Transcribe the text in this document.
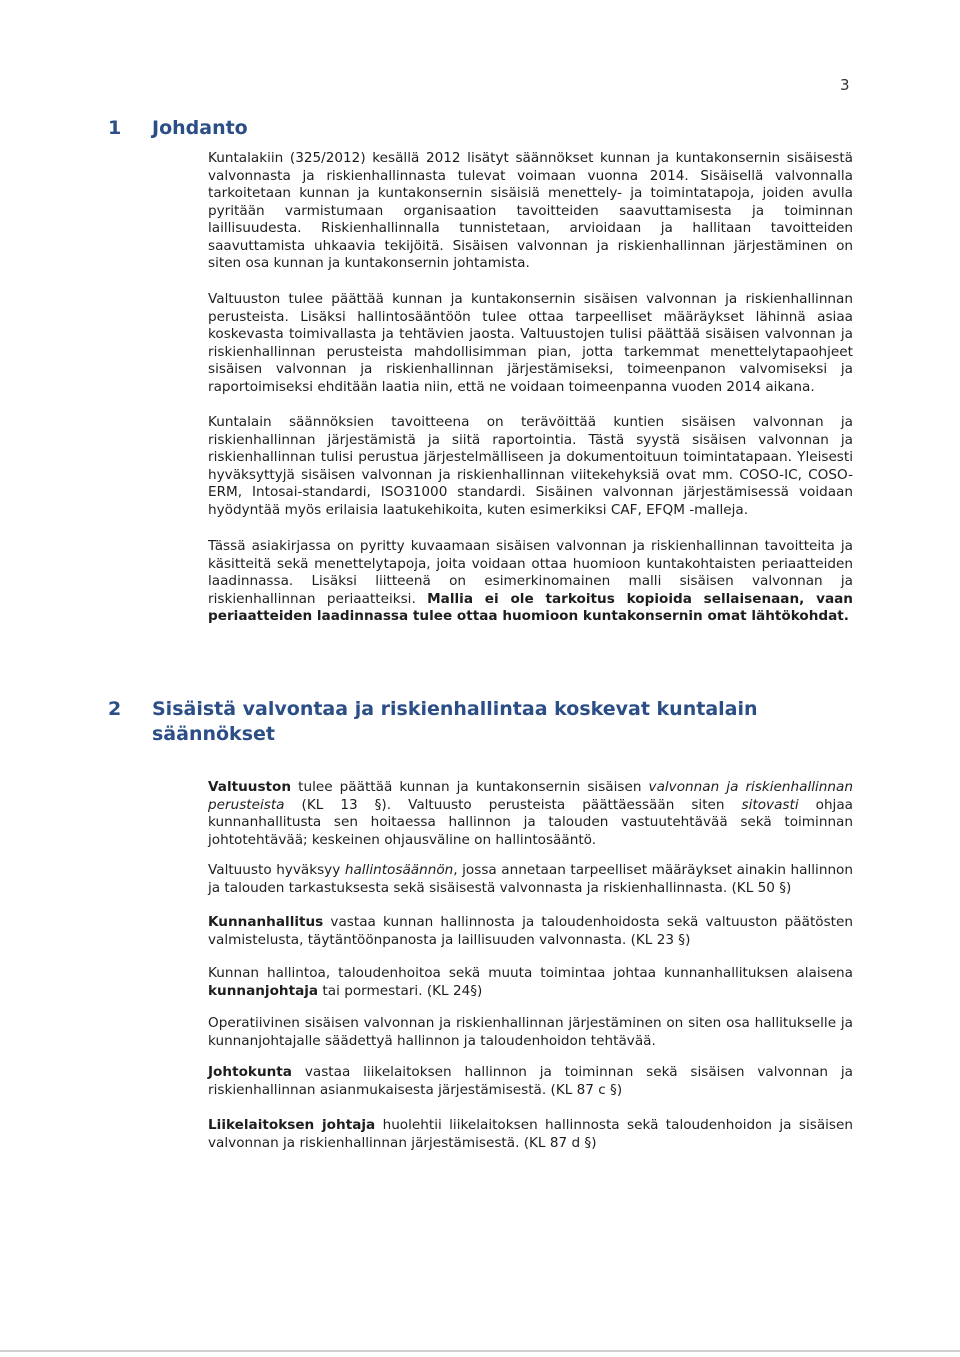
3
1 Johdanto

Kuntalakiin (325/2012) kesällä 2012 lisätyt säännökset kunnan ja kuntakonsernin sisäisestä valvonnasta ja riskienhallinnasta tulevat voimaan vuonna 2014. Sisäisellä valvonnalla tarkoitetaan kunnan ja kuntakonsernin sisäisiä menettely- ja toimintatapoja, joiden avulla pyritään varmistumaan organisaation tavoitteiden saavuttamisesta ja toiminnan laillisuudesta. Riskienhallinnalla tunnistetaan, arvioidaan ja hallitaan tavoitteiden saavuttamista uhkaavia tekijöitä. Sisäisen valvonnan ja riskienhallinnan järjestäminen on siten osa kunnan ja kuntakonsernin johtamista.

Valtuuston tulee päättää kunnan ja kuntakonsernin sisäisen valvonnan ja riskienhallinnan perusteista. Lisäksi hallintosääntöön tulee ottaa tarpeelliset määräykset lähinnä asiaa koskevasta toimivallasta ja tehtävien jaosta. Valtuustojen tulisi päättää sisäisen valvonnan ja riskienhallinnan perusteista mahdollisimman pian, jotta tarkemmat menettelytapaohjeet sisäisen valvonnan ja riskienhallinnan järjestämiseksi, toimeenpanon valvomiseksi ja raportoimiseksi ehditään laatia niin, että ne voidaan toimeenpanna vuoden 2014 aikana.

Kuntalain säännöksien tavoitteena on terävöittää kuntien sisäisen valvonnan ja riskienhallinnan järjestämistä ja siitä raportointia. Tästä syystä sisäisen valvonnan ja riskienhallinnan tulisi perustua järjestelmälliseen ja dokumentoituun toimintatapaan. Yleisesti hyväksyttyjä sisäisen valvonnan ja riskienhallinnan viitekehyksiä ovat mm. COSO-IC, COSO-ERM, Intosai-standardi, ISO31000 standardi. Sisäinen valvonnan järjestämisessä voidaan hyödyntää myös erilaisia laatukehikoita, kuten esimerkiksi CAF, EFQM -malleja.

Tässä asiakirjassa on pyritty kuvaamaan sisäisen valvonnan ja riskienhallinnan tavoitteita ja käsitteitä sekä menettelytapoja, joita voidaan ottaa huomioon kuntakohtaisten periaatteiden laadinnassa. Lisäksi liitteenä on esimerkinomainen malli sisäisen valvonnan ja riskienhallinnan periaatteiksi. Mallia ei ole tarkoitus kopioida sellaisenaan, vaan periaatteiden laadinnassa tulee ottaa huomioon kuntakonsernin omat lähtökohdat.

2 Sisäistä valvontaa ja riskienhallintaa koskevat kuntalain säännökset

Valtuuston tulee päättää kunnan ja kuntakonsernin sisäisen valvonnan ja riskienhallinnan perusteista (KL 13 §). Valtuusto perusteista päättäessään siten sitovasti ohjaa kunnanhallitusta sen hoitaessa hallinnon ja talouden vastuutehtävää sekä toiminnan johtotehtävää; keskeinen ohjausväline on hallintosääntö.

Valtuusto hyväksyy hallintosäännön, jossa annetaan tarpeelliset määräykset ainakin hallinnon ja talouden tarkastuksesta sekä sisäisestä valvonnasta ja riskienhallinnasta. (KL 50 §)

Kunnanhallitus vastaa kunnan hallinnosta ja taloudenhoidosta sekä valtuuston päätösten valmistelusta, täytäntöönpanosta ja laillisuuden valvonnasta. (KL 23 §)

Kunnan hallintoa, taloudenhoitoa sekä muuta toimintaa johtaa kunnanhallituksen alaisena kunnanjohtaja tai pormestari. (KL 24§)

Operatiivinen sisäisen valvonnan ja riskienhallinnan järjestäminen on siten osa hallitukselle ja kunnanjohtajalle säädettyä hallinnon ja taloudenhoidon tehtävää.

Johtokunta vastaa liikelaitoksen hallinnon ja toiminnan sekä sisäisen valvonnan ja riskienhallinnan asianmukaisesta järjestämisestä. (KL 87 c §)

Liikelaitoksen johtaja huolehtii liikelaitoksen hallinnosta sekä taloudenhoidon ja sisäisen valvonnan ja riskienhallinnan järjestämisestä. (KL 87 d §)
